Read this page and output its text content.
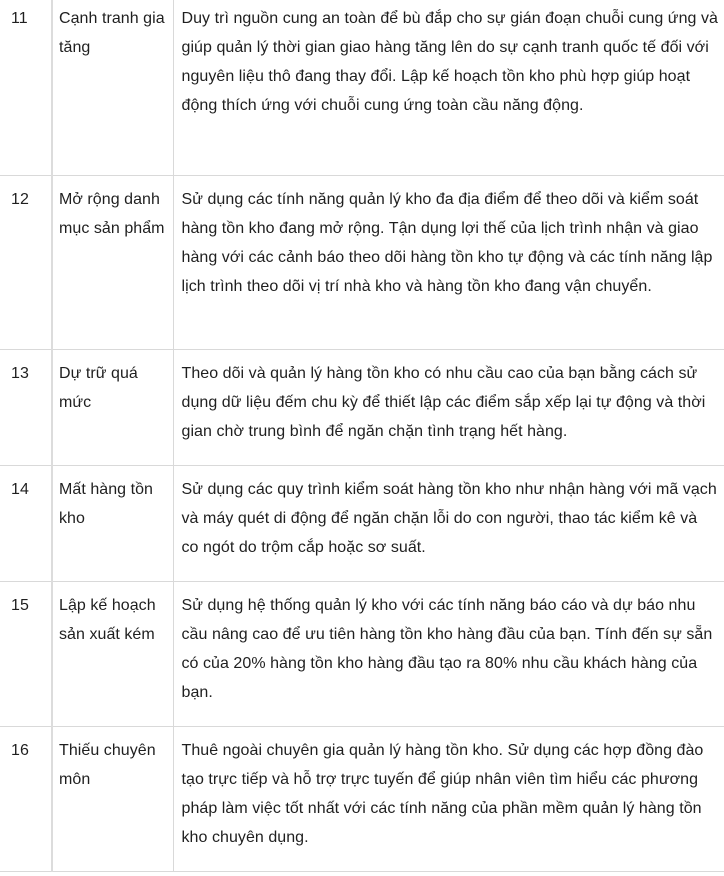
11	Cạnh tranh gia tăng	Duy trì nguồn cung an toàn để bù đắp cho sự gián đoạn chuỗi cung ứng và giúp quản lý thời gian giao hàng tăng lên do sự cạnh tranh quốc tế đối với nguyên liệu thô đang thay đổi. Lập kế hoạch tồn kho phù hợp giúp hoạt động thích ứng với chuỗi cung ứng toàn cầu năng động.

12	Mở rộng danh mục sản phẩm	Sử dụng các tính năng quản lý kho đa địa điểm để theo dõi và kiểm soát hàng tồn kho đang mở rộng. Tận dụng lợi thế của lịch trình nhận và giao hàng với các cảnh báo theo dõi hàng tồn kho tự động và các tính năng lập lịch trình theo dõi vị trí nhà kho và hàng tồn kho đang vận chuyển.

13	Dự trữ quá mức	Theo dõi và quản lý hàng tồn kho có nhu cầu cao của bạn bằng cách sử dụng dữ liệu đếm chu kỳ để thiết lập các điểm sắp xếp lại tự động và thời gian chờ trung bình để ngăn chặn tình trạng hết hàng.

14	Mất hàng tồn kho	Sử dụng các quy trình kiểm soát hàng tồn kho như nhận hàng với mã vạch và máy quét di động để ngăn chặn lỗi do con người, thao tác kiểm kê và co ngót do trộm cắp hoặc sơ suất.

15	Lập kế hoạch sản xuất kém	Sử dụng hệ thống quản lý kho với các tính năng báo cáo và dự báo nhu cầu nâng cao để ưu tiên hàng tồn kho hàng đầu của bạn. Tính đến sự sẵn có của 20% hàng tồn kho hàng đầu tạo ra 80% nhu cầu khách hàng của bạn.

16	Thiếu chuyên môn	Thuê ngoài chuyên gia quản lý hàng tồn kho. Sử dụng các hợp đồng đào tạo trực tiếp và hỗ trợ trực tuyến để giúp nhân viên tìm hiểu các phương pháp làm việc tốt nhất với các tính năng của phần mềm quản lý hàng tồn kho chuyên dụng.
